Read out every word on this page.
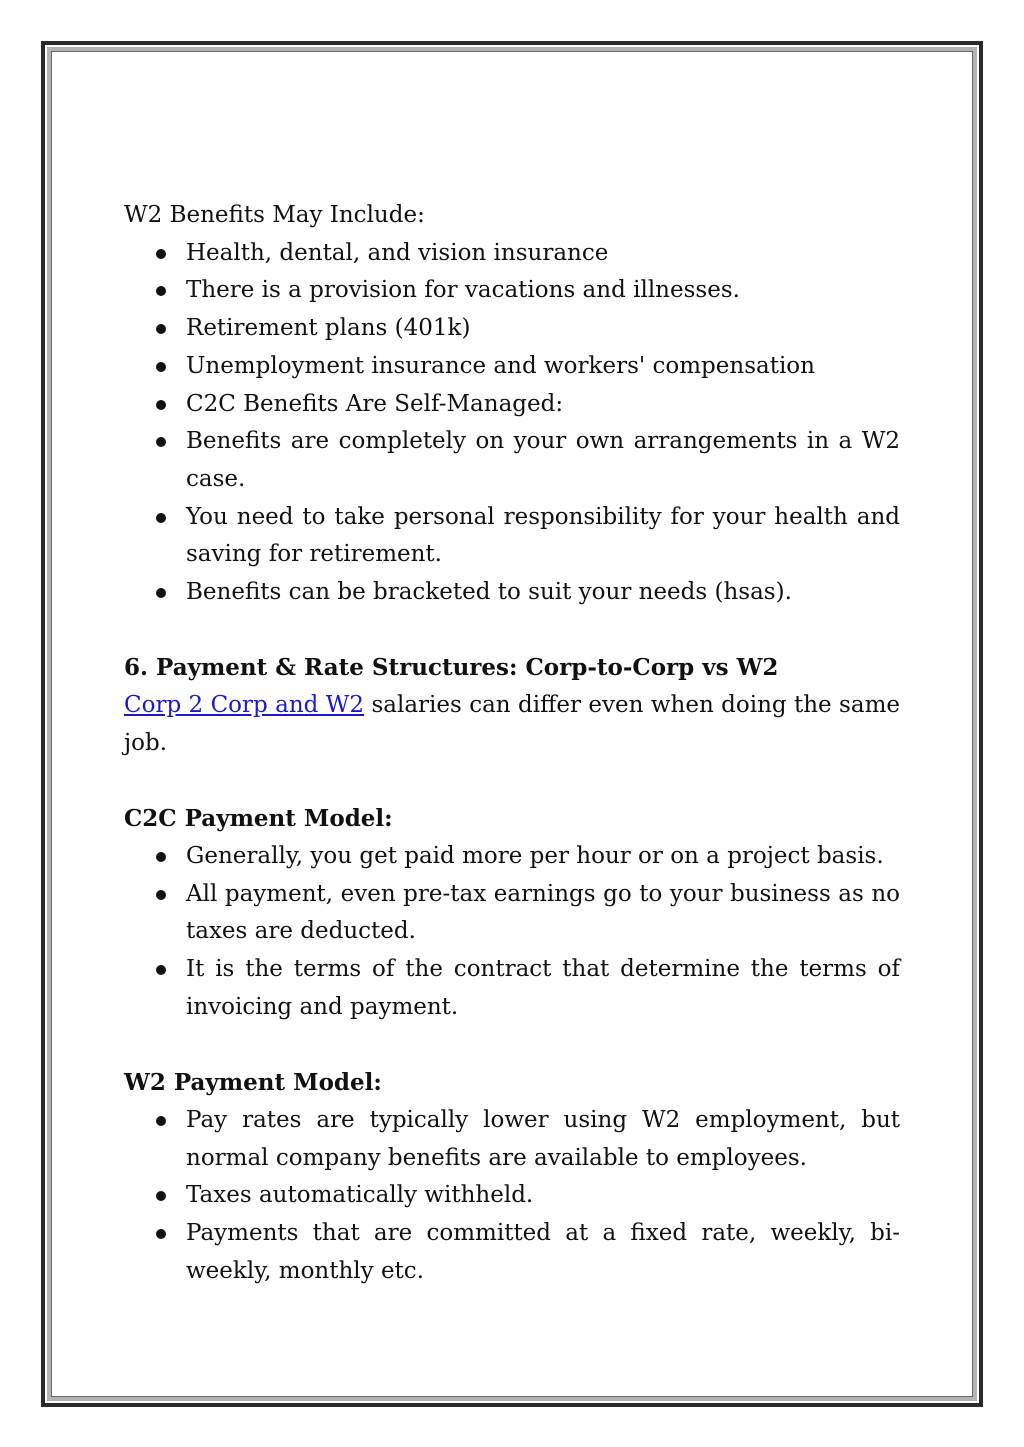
W2 Benefits May Include:

Health, dental, and vision insurance
There is a provision for vacations and illnesses.
Retirement plans (401k)
Unemployment insurance and workers' compensation
C2C Benefits Are Self-Managed:
Benefits are completely on your own arrangements in a W2 case.
You need to take personal responsibility for your health and saving for retirement.
Benefits can be bracketed to suit your needs (hsas).

6. Payment & Rate Structures: Corp-to-Corp vs W2

Corp 2 Corp and W2 salaries can differ even when doing the same job.

C2C Payment Model:

Generally, you get paid more per hour or on a project basis.
All payment, even pre-tax earnings go to your business as no taxes are deducted.
It is the terms of the contract that determine the terms of invoicing and payment.

W2 Payment Model:

Pay rates are typically lower using W2 employment, but normal company benefits are available to employees.
Taxes automatically withheld.
Payments that are committed at a fixed rate, weekly, bi-weekly, monthly etc.
